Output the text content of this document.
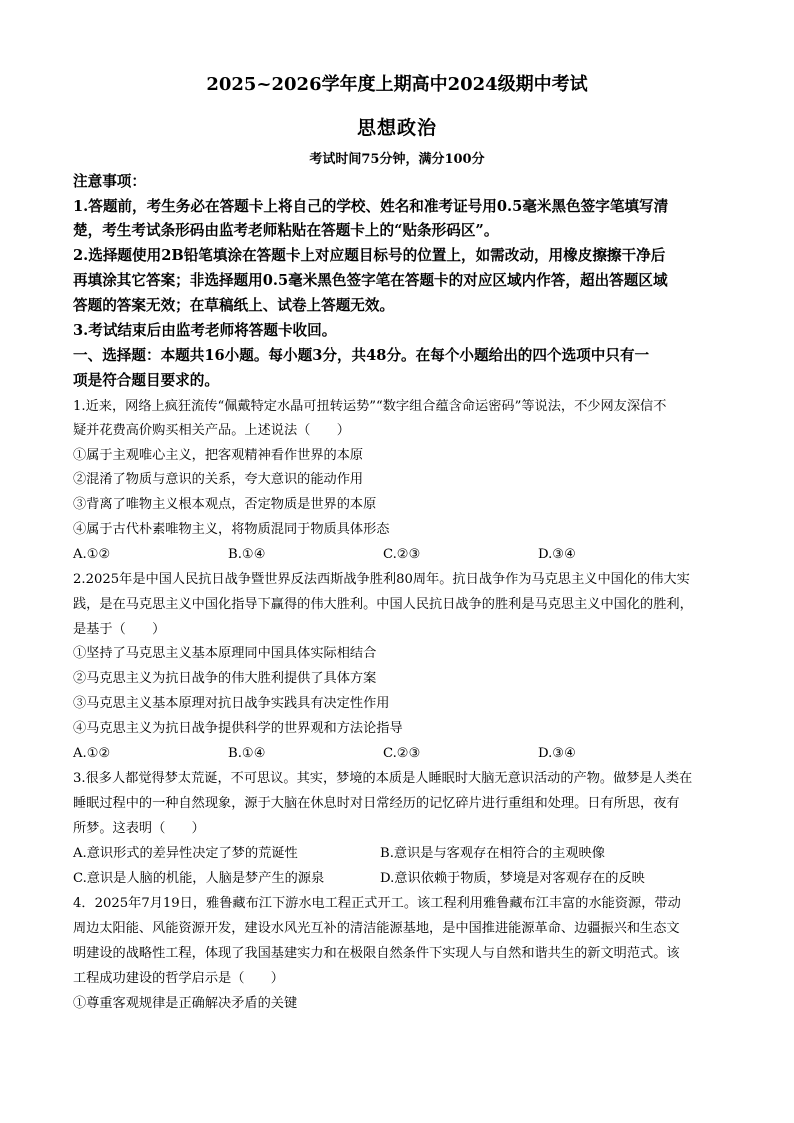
2025~2026学年度上期高中2024级期中考试
思想政治
考试时间75分钟，满分100分
注意事项：
1.答题前，考生务必在答题卡上将自己的学校、姓名和准考证号用0.5毫米黑色签字笔填写清
楚，考生考试条形码由监考老师粘贴在答题卡上的“贴条形码区”。
2.选择题使用2B铅笔填涂在答题卡上对应题目标号的位置上，如需改动，用橡皮擦擦干净后
再填涂其它答案；非选择题用0.5毫米黑色签字笔在答题卡的对应区域内作答，超出答题区域
答题的答案无效；在草稿纸上、试卷上答题无效。
3.考试结束后由监考老师将答题卡收回。
一、选择题：本题共16小题。每小题3分，共48分。在每个小题给出的四个选项中只有一
项是符合题目要求的。
1.近来，网络上疯狂流传“佩戴特定水晶可扭转运势”“数字组合蕴含命运密码”等说法，不少网友深信不
疑并花费高价购买相关产品。上述说法（　　）
①属于主观唯心主义，把客观精神看作世界的本原
②混淆了物质与意识的关系，夸大意识的能动作用
③背离了唯物主义根本观点，否定物质是世界的本原
④属于古代朴素唯物主义，将物质混同于物质具体形态
A.①②	B.①④	C.②③	D.③④
2.2025年是中国人民抗日战争暨世界反法西斯战争胜利80周年。抗日战争作为马克思主义中国化的伟大实
践，是在马克思主义中国化指导下赢得的伟大胜利。中国人民抗日战争的胜利是马克思主义中国化的胜利，
是基于（　　）
①坚持了马克思主义基本原理同中国具体实际相结合
②马克思主义为抗日战争的伟大胜利提供了具体方案
③马克思主义基本原理对抗日战争实践具有决定性作用
④马克思主义为抗日战争提供科学的世界观和方法论指导
A.①②	B.①④	C.②③	D.③④
3.很多人都觉得梦太荒诞，不可思议。其实，梦境的本质是人睡眠时大脑无意识活动的产物。做梦是人类在
睡眠过程中的一种自然现象，源于大脑在休息时对日常经历的记忆碎片进行重组和处理。日有所思，夜有
所梦。这表明（　　）
A.意识形式的差异性决定了梦的荒诞性	B.意识是与客观存在相符合的主观映像
C.意识是人脑的机能，人脑是梦产生的源泉	D.意识依赖于物质，梦境是对客观存在的反映
4．2025年7月19日，雅鲁藏布江下游水电工程正式开工。该工程利用雅鲁藏布江丰富的水能资源，带动
周边太阳能、风能资源开发，建设水风光互补的清洁能源基地，是中国推进能源革命、边疆振兴和生态文
明建设的战略性工程，体现了我国基建实力和在极限自然条件下实现人与自然和谐共生的新文明范式。该
工程成功建设的哲学启示是（　　）
①尊重客观规律是正确解决矛盾的关键
